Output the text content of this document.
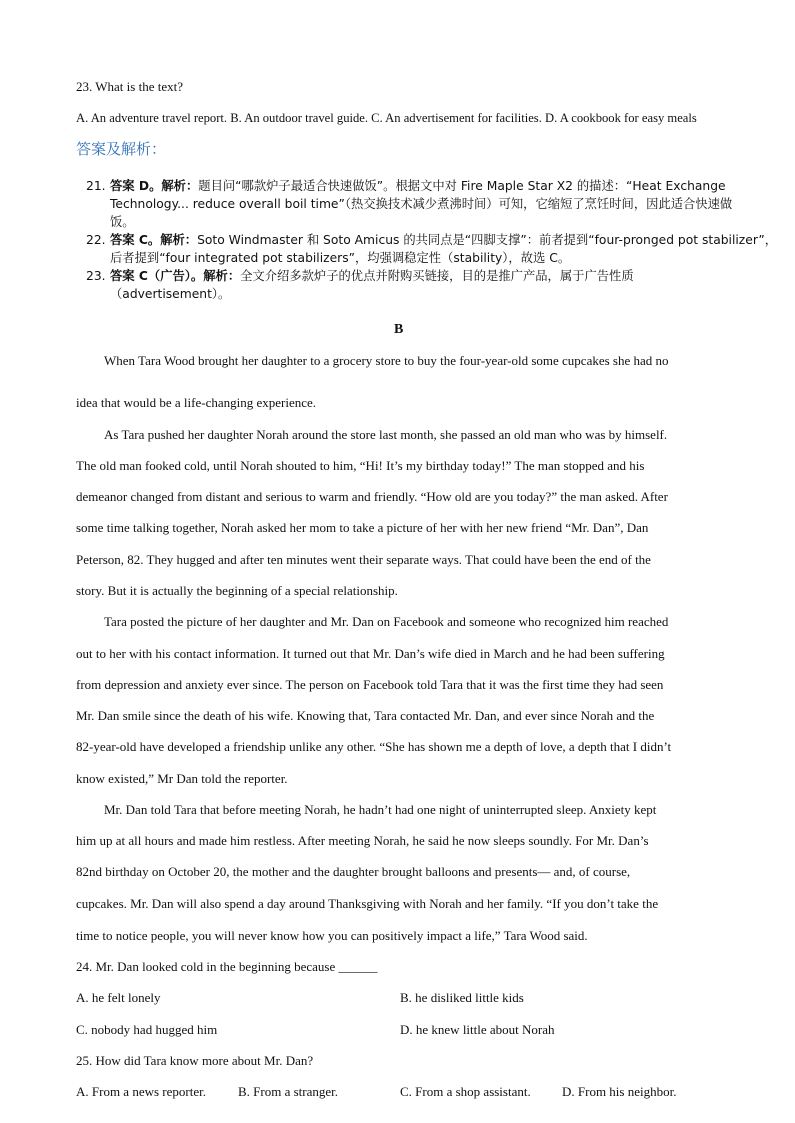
23. What is the text?
A. An adventure travel report. B. An outdoor travel guide. C. An advertisement for facilities. D. A cookbook for easy meals
答案及解析：
21. 答案 D。解析：题目问“哪款炉子最适合快速做饭”。根据文中对 Fire Maple Star X2 的描述：“Heat Exchange
Technology... reduce overall boil time”（热交换技术减少煮沸时间）可知，它缩短了烹饪时间，因此适合快速做
饭。
22. 答案 C。解析：Soto Windmaster 和 Soto Amicus 的共同点是“四脚支撑”：前者提到“four-pronged pot stabilizer”，
后者提到“four integrated pot stabilizers”，均强调稳定性（stability），故选 C。
23. 答案 C（广告）。解析：全文介绍多款炉子的优点并附购买链接，目的是推广产品，属于广告性质
（advertisement）。
B
When Tara Wood brought her daughter to a grocery store to buy the four-year-old some cupcakes she had no
idea that would be a life-changing experience.
As Tara pushed her daughter Norah around the store last month, she passed an old man who was by himself.
The old man fooked cold, until Norah shouted to him, “Hi! It’s my birthday today!” The man stopped and his
demeanor changed from distant and serious to warm and friendly. “How old are you today?” the man asked. After
some time talking together, Norah asked her mom to take a picture of her with her new friend “Mr. Dan”, Dan
Peterson, 82. They hugged and after ten minutes went their separate ways. That could have been the end of the
story. But it is actually the beginning of a special relationship.
Tara posted the picture of her daughter and Mr. Dan on Facebook and someone who recognized him reached
out to her with his contact information. It turned out that Mr. Dan’s wife died in March and he had been suffering
from depression and anxiety ever since. The person on Facebook told Tara that it was the first time they had seen
Mr. Dan smile since the death of his wife. Knowing that, Tara contacted Mr. Dan, and ever since Norah and the
82-year-old have developed a friendship unlike any other. “She has shown me a depth of love, a depth that I didn’t
know existed,” Mr Dan told the reporter.
Mr. Dan told Tara that before meeting Norah, he hadn’t had one night of uninterrupted sleep. Anxiety kept
him up at all hours and made him restless. After meeting Norah, he said he now sleeps soundly. For Mr. Dan’s
82nd birthday on October 20, the mother and the daughter brought balloons and presents— and, of course,
cupcakes. Mr. Dan will also spend a day around Thanksgiving with Norah and her family. “If you don’t take the
time to notice people, you will never know how you can positively impact a life,” Tara Wood said.
24. Mr. Dan looked cold in the beginning because ______
A. he felt lonely	B. he disliked little kids
C. nobody had hugged him	D. he knew little about Norah
25. How did Tara know more about Mr. Dan?
A. From a news reporter. B. From a stranger.	C. From a shop assistant. D. From his neighbor.
